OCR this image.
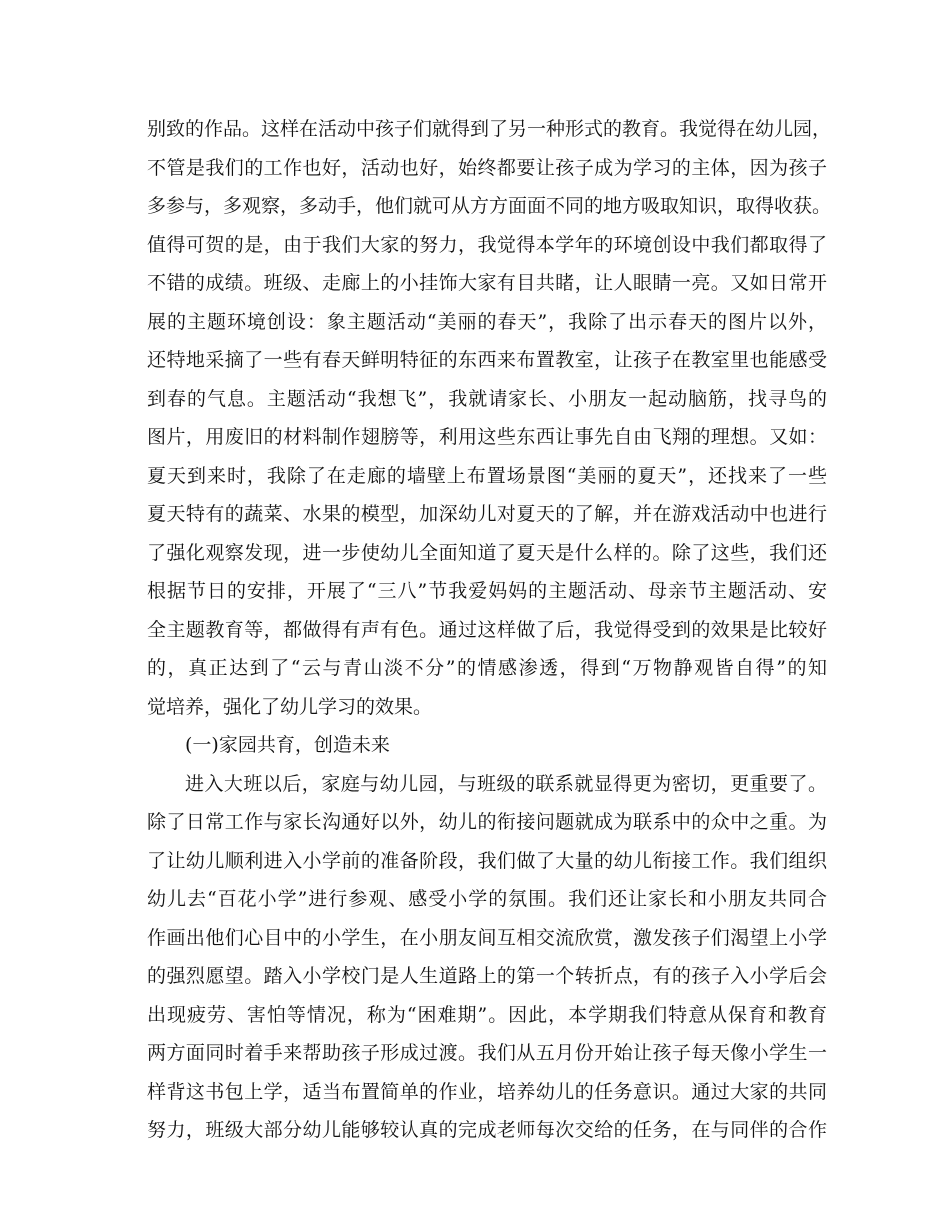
别致的作品。这样在活动中孩子们就得到了另一种形式的教育。我觉得在幼儿园，
不管是我们的工作也好，活动也好，始终都要让孩子成为学习的主体，因为孩子
多参与，多观察，多动手，他们就可从方方面面不同的地方吸取知识，取得收获。
值得可贺的是，由于我们大家的努力，我觉得本学年的环境创设中我们都取得了
不错的成绩。班级、走廊上的小挂饰大家有目共睹，让人眼睛一亮。又如日常开
展的主题环境创设：象主题活动“美丽的春天”，我除了出示春天的图片以外，
还特地采摘了一些有春天鲜明特征的东西来布置教室，让孩子在教室里也能感受
到春的气息。主题活动“我想飞”，我就请家长、小朋友一起动脑筋，找寻鸟的
图片，用废旧的材料制作翅膀等，利用这些东西让事先自由飞翔的理想。又如：
夏天到来时，我除了在走廊的墙壁上布置场景图“美丽的夏天”，还找来了一些
夏天特有的蔬菜、水果的模型，加深幼儿对夏天的了解，并在游戏活动中也进行
了强化观察发现，进一步使幼儿全面知道了夏天是什么样的。除了这些，我们还
根据节日的安排，开展了“三八”节我爱妈妈的主题活动、母亲节主题活动、安
全主题教育等，都做得有声有色。通过这样做了后，我觉得受到的效果是比较好
的，真正达到了“云与青山淡不分”的情感渗透，得到“万物静观皆自得”的知
觉培养，强化了幼儿学习的效果。
(一)家园共育，创造未来
进入大班以后，家庭与幼儿园，与班级的联系就显得更为密切，更重要了。
除了日常工作与家长沟通好以外，幼儿的衔接问题就成为联系中的众中之重。为
了让幼儿顺利进入小学前的准备阶段，我们做了大量的幼儿衔接工作。我们组织
幼儿去“百花小学”进行参观、感受小学的氛围。我们还让家长和小朋友共同合
作画出他们心目中的小学生，在小朋友间互相交流欣赏，激发孩子们渴望上小学
的强烈愿望。踏入小学校门是人生道路上的第一个转折点，有的孩子入小学后会
出现疲劳、害怕等情况，称为“困难期”。因此，本学期我们特意从保育和教育
两方面同时着手来帮助孩子形成过渡。我们从五月份开始让孩子每天像小学生一
样背这书包上学，适当布置简单的作业，培养幼儿的任务意识。通过大家的共同
努力，班级大部分幼儿能够较认真的完成老师每次交给的任务，在与同伴的合作
